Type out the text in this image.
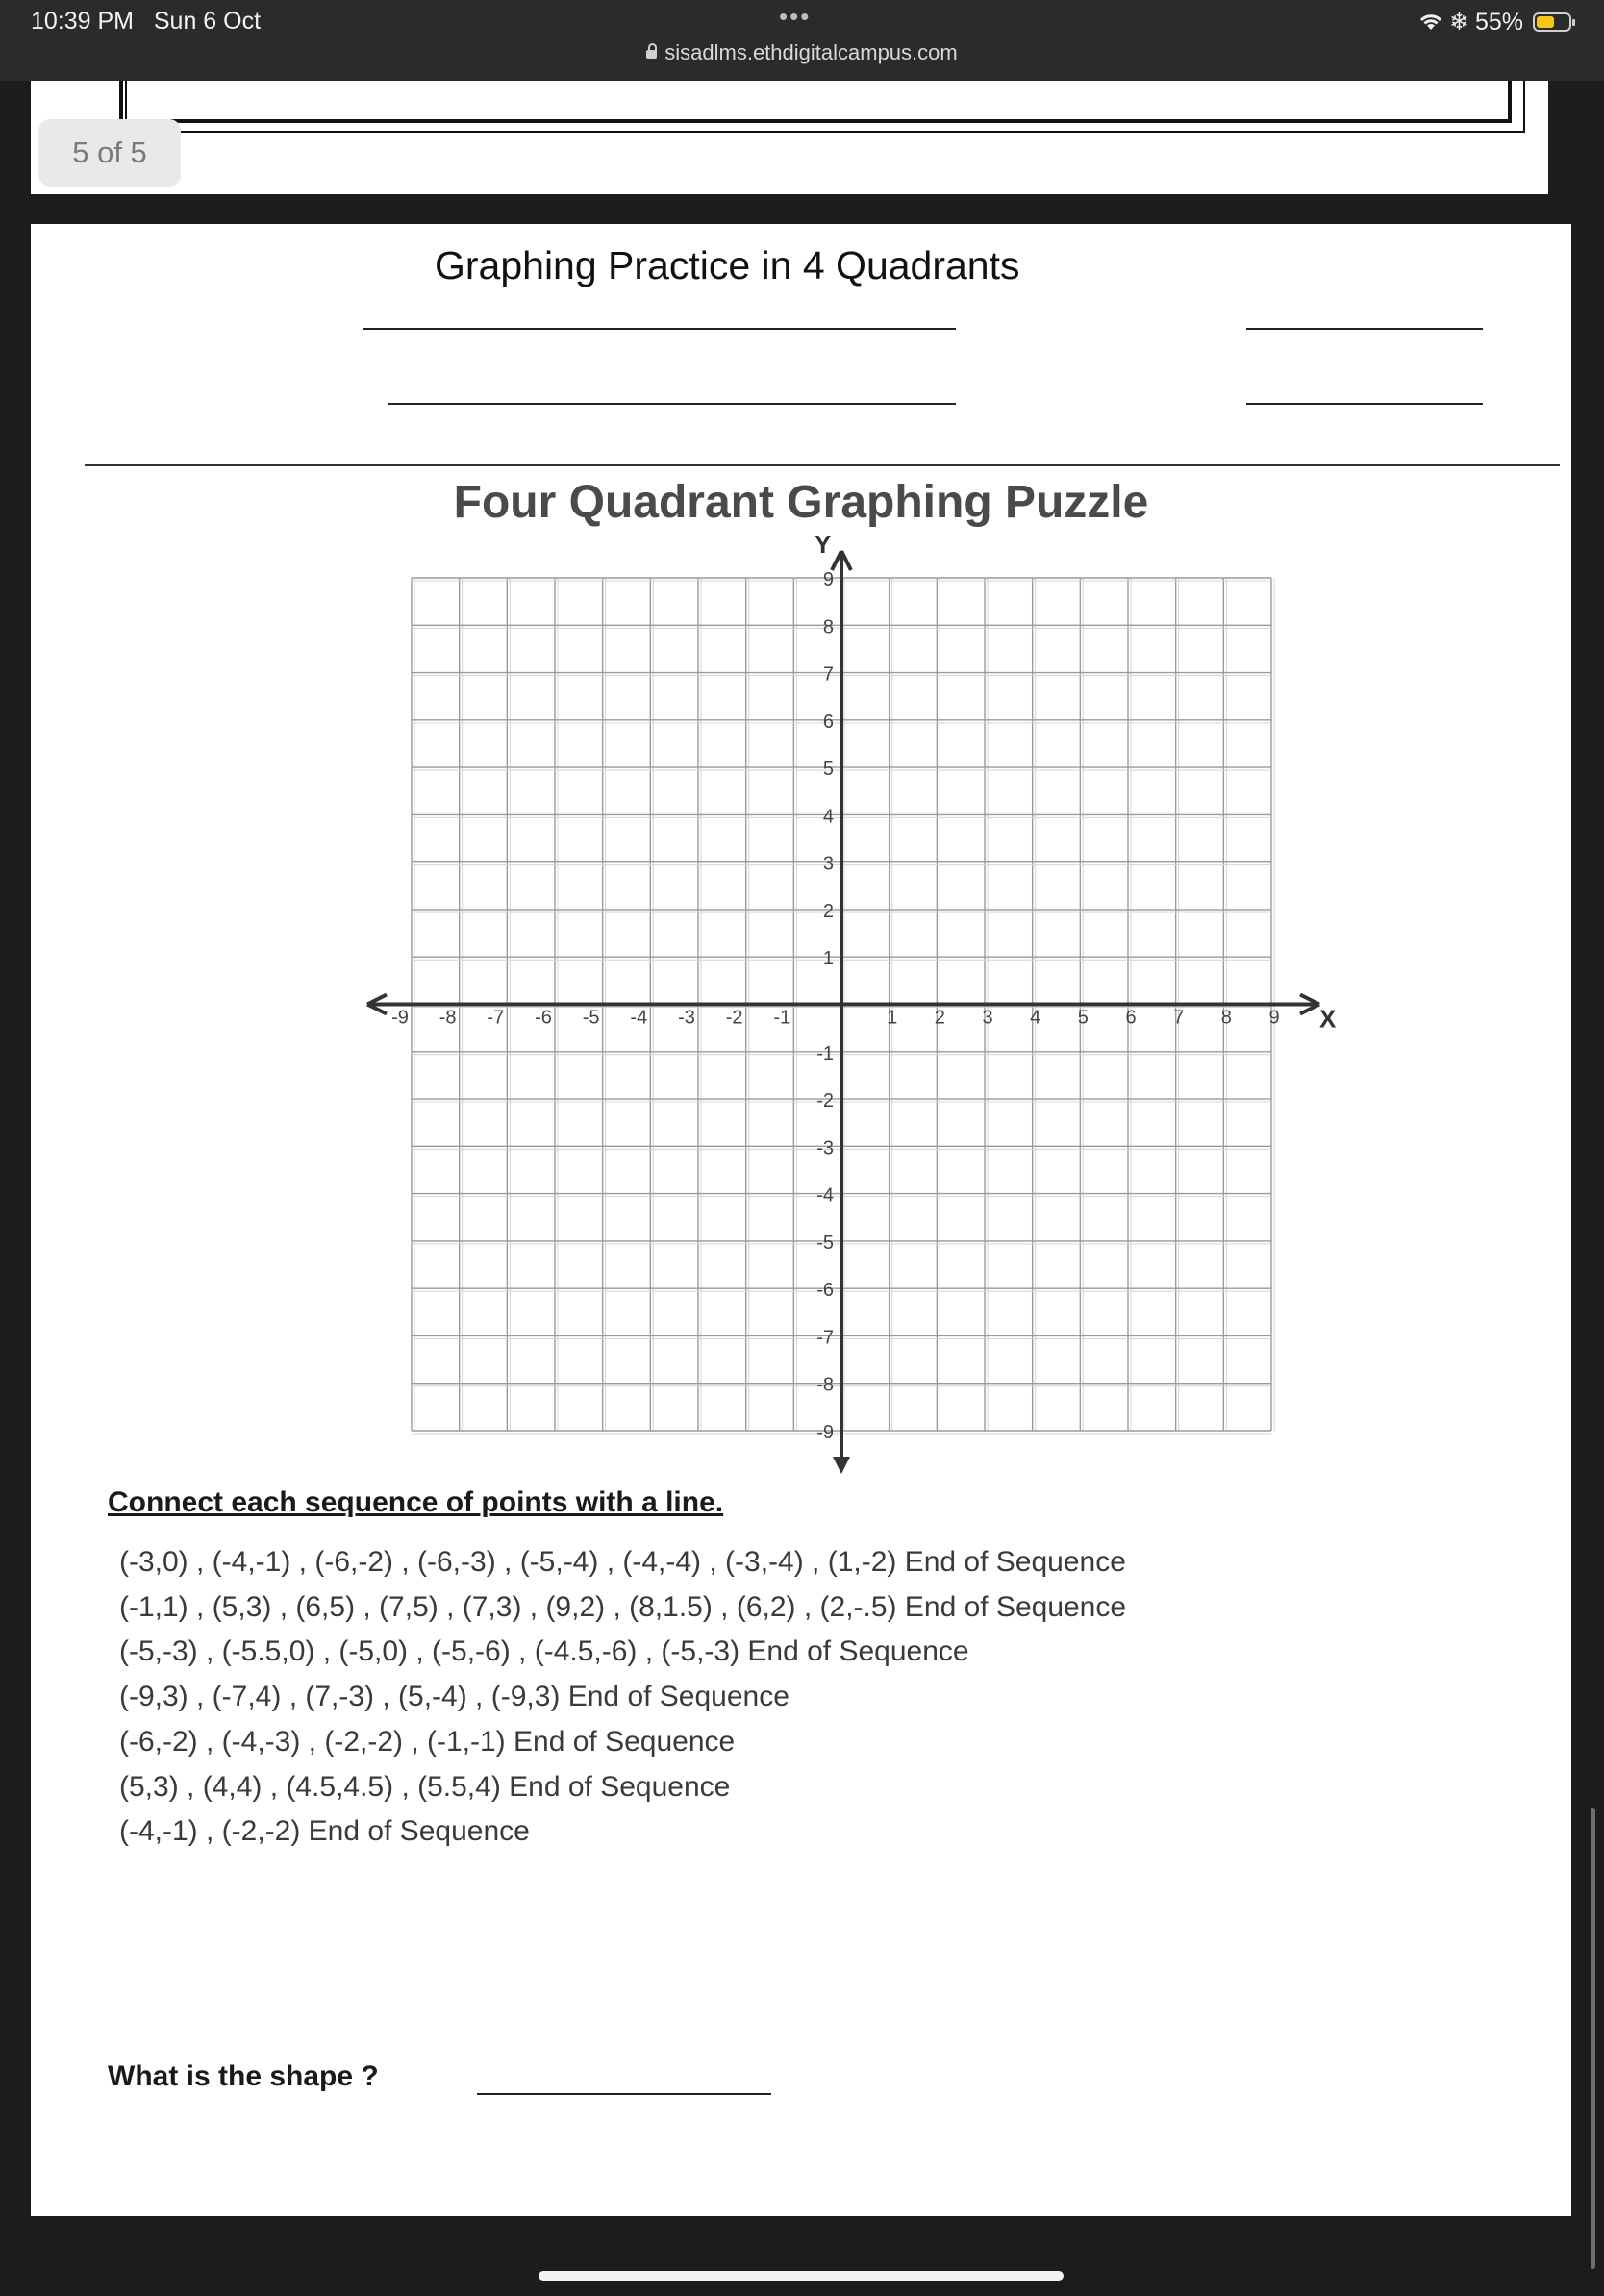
10:39 PM Sun 6 Oct	•••
sisadlms.ethdigitalcampus.com
❄ 55%
5 of 5
Graphing Practice in 4 Quadrants
Four Quadrant Graphing Puzzle
Y
X
-9 -8 -7 -6 -5 -4 -3 -2 -1	1 2 3 4 5 6 7 8 9
9
8
7
6
5
4
3
2
1
-1
-2
-3
-4
-5
-6
-7
-8
-9
Connect each sequence of points with a line.
(-3,0) , (-4,-1) , (-6,-2) , (-6,-3) , (-5,-4) , (-4,-4) , (-3,-4) , (1,-2) End of Sequence
(-1,1) , (5,3) , (6,5) , (7,5) , (7,3) , (9,2) , (8,1.5) , (6,2) , (2,-.5) End of Sequence
(-5,-3) , (-5.5,0) , (-5,0) , (-5,-6) , (-4.5,-6) , (-5,-3) End of Sequence
(-9,3) , (-7,4) , (7,-3) , (5,-4) , (-9,3) End of Sequence
(-6,-2) , (-4,-3) , (-2,-2) , (-1,-1) End of Sequence
(5,3) , (4,4) , (4.5,4.5) , (5.5,4) End of Sequence
(-4,-1) , (-2,-2) End of Sequence
What is the shape ?
